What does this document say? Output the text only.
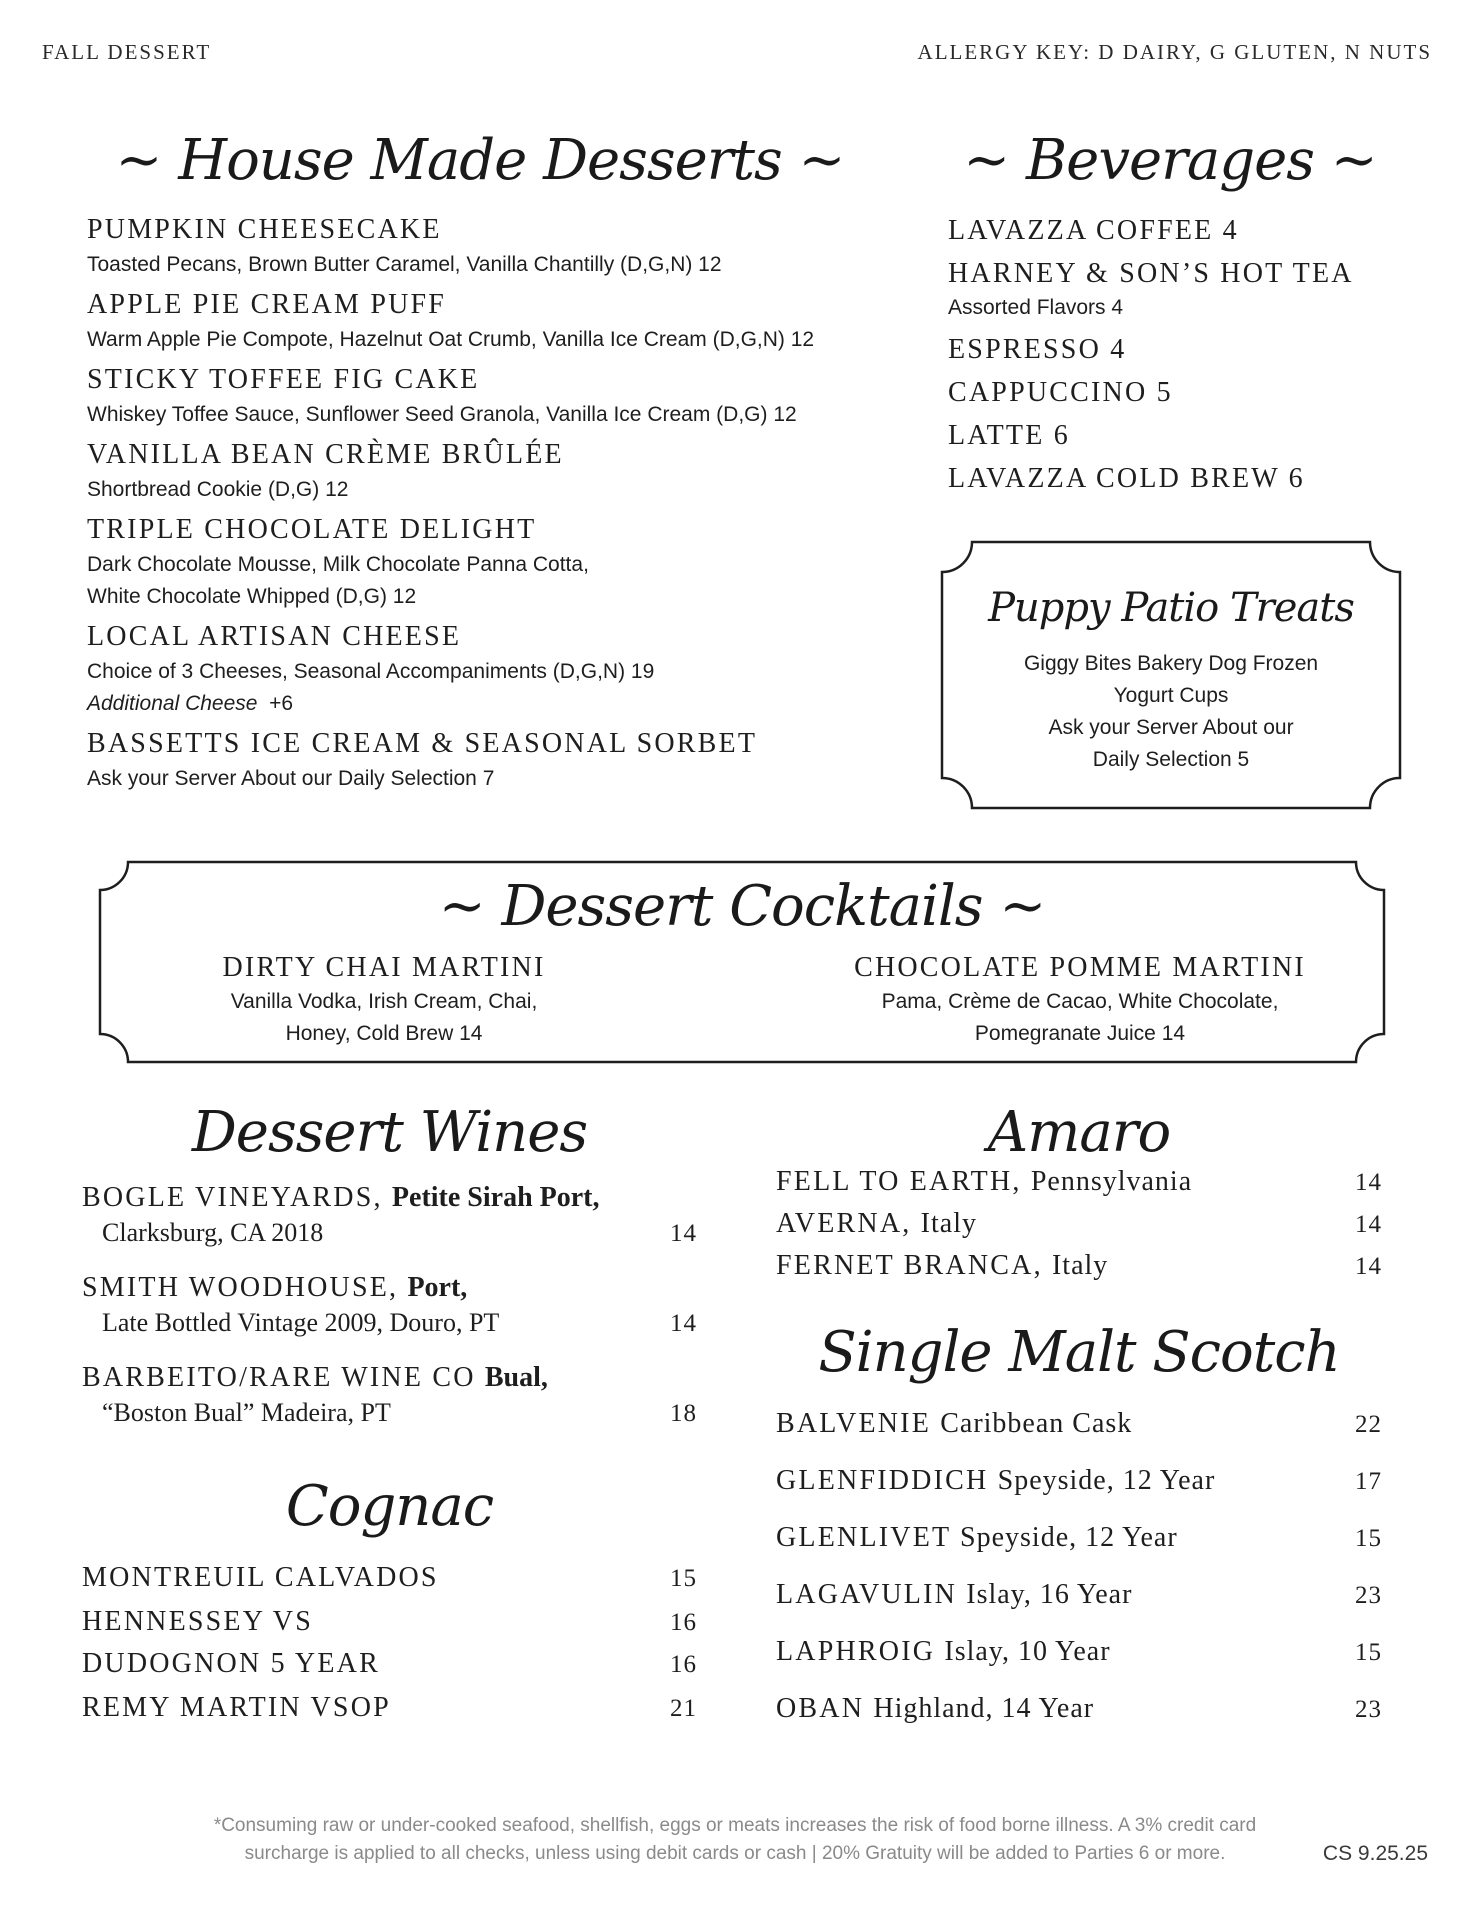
FALL DESSERT	ALLERGY KEY: D DAIRY, G GLUTEN, N NUTS
~ House Made Desserts ~
PUMPKIN CHEESECAKE
Toasted Pecans, Brown Butter Caramel, Vanilla Chantilly (D,G,N) 12
APPLE PIE CREAM PUFF
Warm Apple Pie Compote, Hazelnut Oat Crumb, Vanilla Ice Cream (D,G,N) 12
STICKY TOFFEE FIG CAKE
Whiskey Toffee Sauce, Sunflower Seed Granola, Vanilla Ice Cream (D,G) 12
VANILLA BEAN CRÈME BRÛLÉE
Shortbread Cookie (D,G) 12
TRIPLE CHOCOLATE DELIGHT
Dark Chocolate Mousse, Milk Chocolate Panna Cotta,
White Chocolate Whipped (D,G) 12
LOCAL ARTISAN CHEESE
Choice of 3 Cheeses, Seasonal Accompaniments (D,G,N) 19
Additional Cheese +6
BASSETTS ICE CREAM & SEASONAL SORBET
Ask your Server About our Daily Selection 7
~ Beverages ~
LAVAZZA COFFEE 4
HARNEY & SON’S HOT TEA
Assorted Flavors 4
ESPRESSO 4
CAPPUCCINO 5
LATTE 6
LAVAZZA COLD BREW 6
Puppy Patio Treats
Giggy Bites Bakery Dog Frozen
Yogurt Cups
Ask your Server About our
Daily Selection 5
~ Dessert Cocktails ~
DIRTY CHAI MARTINI
Vanilla Vodka, Irish Cream, Chai,
Honey, Cold Brew 14
CHOCOLATE POMME MARTINI
Pama, Crème de Cacao, White Chocolate,
Pomegranate Juice 14
Dessert Wines
BOGLE VINEYARDS, Petite Sirah Port,
Clarksburg, CA 2018	14
SMITH WOODHOUSE, Port,
Late Bottled Vintage 2009, Douro, PT	14
BARBEITO/RARE WINE CO Bual,
“Boston Bual” Madeira, PT	18
Cognac
MONTREUIL CALVADOS	15
HENNESSEY VS	16
DUDOGNON 5 YEAR	16
REMY MARTIN VSOP	21
Amaro
FELL TO EARTH, Pennsylvania	14
AVERNA, Italy	14
FERNET BRANCA, Italy	14
Single Malt Scotch
BALVENIE Caribbean Cask	22
GLENFIDDICH Speyside, 12 Year	17
GLENLIVET Speyside, 12 Year	15
LAGAVULIN Islay, 16 Year	23
LAPHROIG Islay, 10 Year	15
OBAN Highland, 14 Year	23
*Consuming raw or under-cooked seafood, shellfish, eggs or meats increases the risk of food borne illness. A 3% credit card
surcharge is applied to all checks, unless using debit cards or cash | 20% Gratuity will be added to Parties 6 or more.	CS 9.25.25
